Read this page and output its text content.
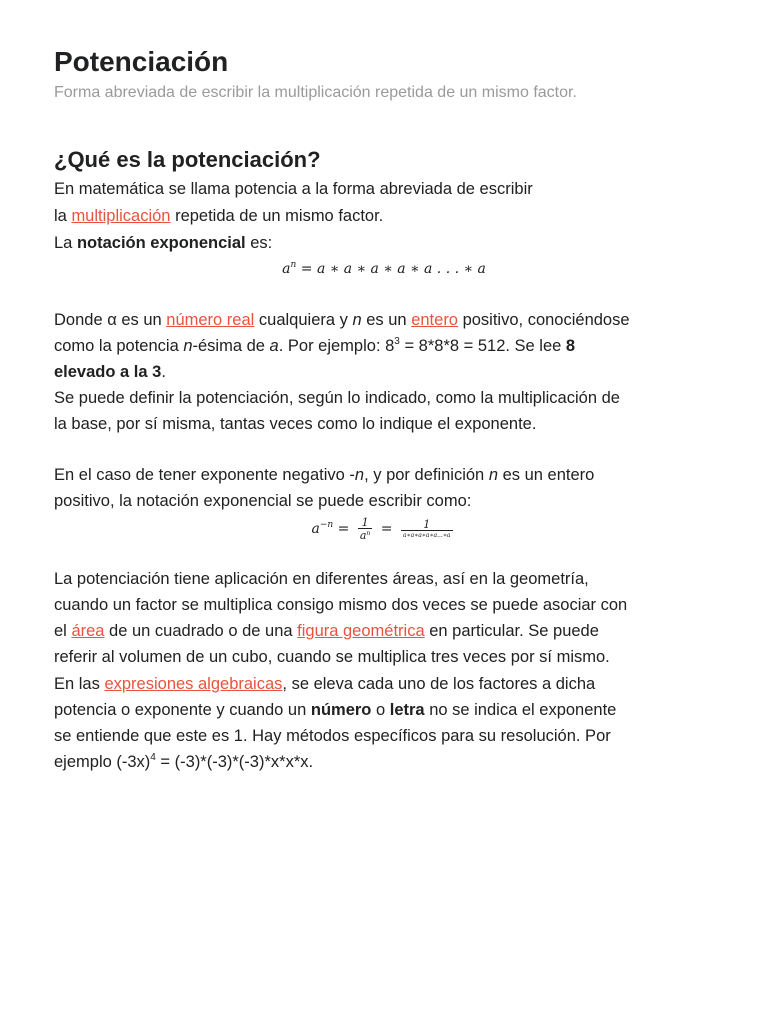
Potenciación

Forma abreviada de escribir la multiplicación repetida de un mismo factor.

¿Qué es la potenciación?
En matemática se llama potencia a la forma abreviada de escribir
la multiplicación repetida de un mismo factor.
La notación exponencial es:
$a^n = a$ ∗ a ∗ a ∗ a ∗ a . . . ∗ a
Donde α es un número real cualquiera y n es un entero positivo, conociéndose
como la potencia n-ésima de a. Por ejemplo: $8^3 = 8*8*8 = 512$. Se lee 8
elevado a la 3.
Se puede definir la potenciación, según lo indicado, como la multiplicación de
la base, por sí misma, tantas veces como lo indique el exponente.
En el caso de tener exponente negativo -n, y por definición n es un entero
positivo, la notación exponencial se puede escribir como:
$a^{-n} = \frac{1}{a^n} = \frac{1}{a∗a∗a∗a∗a...∗a}$
La potenciación tiene aplicación en diferentes áreas, así en la geometría,
cuando un factor se multiplica consigo mismo dos veces se puede asociar con
el área de un cuadrado o de una figura geométrica en particular. Se puede
referir al volumen de un cubo, cuando se multiplica tres veces por sí mismo.
En las expresiones algebraicas, se eleva cada uno de los factores a dicha
potencia o exponente y cuando un número o letra no se indica el exponente
se entiende que este es 1. Hay métodos específicos para su resolución. Por
ejemplo $(-3x)^4 = (-3)*(-3)*(-3)*x*x*x$.
